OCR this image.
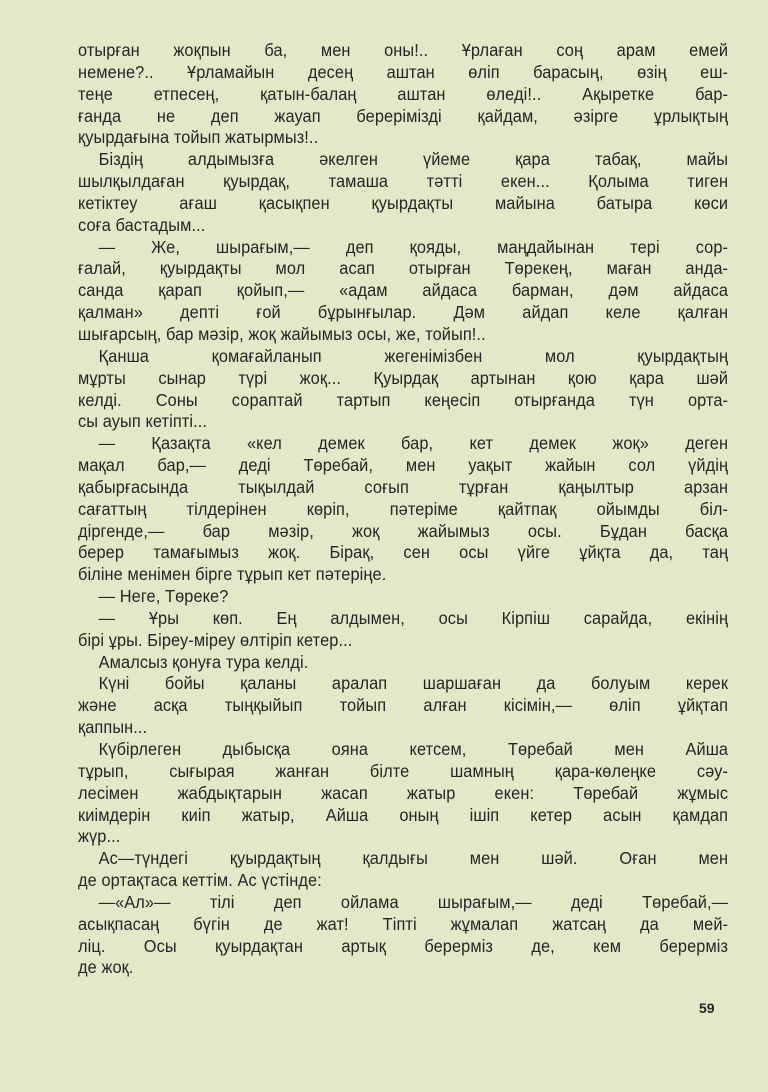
отырған жоқпын ба, мен оны!.. Ұрлаған соң арам емей
немене?.. Ұрламайын десең аштан өліп барасың, өзің еш-
теңе етпесең, қатын-балаң аштан өледі!.. Ақыретке бар-
ғанда не деп жауап берерімізді қайдам, әзірге ұрлықтың
қуырдағына тойып жатырмыз!..
Біздің алдымызға әкелген үйеме қара табақ, майы
шылқылдаған қуырдақ, тамаша тәтті екен... Қолыма тиген
кетіктеу ағаш қасықпен қуырдақты майына батыра көси
соға бастадым...
— Же, шырағым,— деп қояды, маңдайынан тері сор-
ғалай, қуырдақты мол асап отырған Төрекең, маған анда-
санда қарап қойып,— «адам айдаса барман, дәм айдаса
қалман» депті ғой бұрынғылар. Дәм айдап келе қалған
шығарсың, бар мәзір, жоқ жайымыз осы, же, тойып!..
Қанша қомағайланып жегенімізбен мол қуырдақтың
мұрты сынар түрі жоқ... Қуырдақ артынан қою қара шәй
келді. Соны сораптай тартып кеңесіп отырғанда түн орта-
сы ауып кетіпті...
— Қазақта «кел демек бар, кет демек жоқ» деген
мақал бар,— деді Төребай, мен уақыт жайын сол үйдің
қабырғасында тықылдай соғып тұрған қаңылтыр арзан
сағаттың тілдерінен көріп, пәтеріме қайтпақ ойымды біл-
діргенде,— бар мәзір, жоқ жайымыз осы. Бұдан басқа
берер тамағымыз жоқ. Бірақ, сен осы үйге ұйқта да, таң
біліне менімен бірге тұрып кет пәтеріңе.
— Неге, Төреке?
— Ұры көп. Ең алдымен, осы Кірпіш сарайда, екінің
бірі ұры. Біреу-міреу өлтіріп кетер...
Амалсыз қонуға тура келді.
Күні бойы қаланы аралап шаршаған да болуым керек
және асқа тыңқыйып тойып алған кісімін,— өліп ұйқтап
қаппын...
Күбірлеген дыбысқа ояна кетсем, Төребай мен Айша
тұрып, сығырая жанған білте шамның қара-көлеңке сәу-
лесімен жабдықтарын жасап жатыр екен: Төребай жұмыс
киімдерін киіп жатыр, Айша оның ішіп кетер асын қамдап
жүр...
Ас—түндегі қуырдақтың қалдығы мен шәй. Оған мен
де ортақтаса кеттім. Ас үстінде:
—«Ал»— тілі деп ойлама шырағым,— деді Төребай,—
асықпасаң бүгін де жат! Тіпті жұмалап жатсаң да мей-
ліц. Осы қуырдақтан артық берерміз де, кем берерміз
де жоқ.
59
